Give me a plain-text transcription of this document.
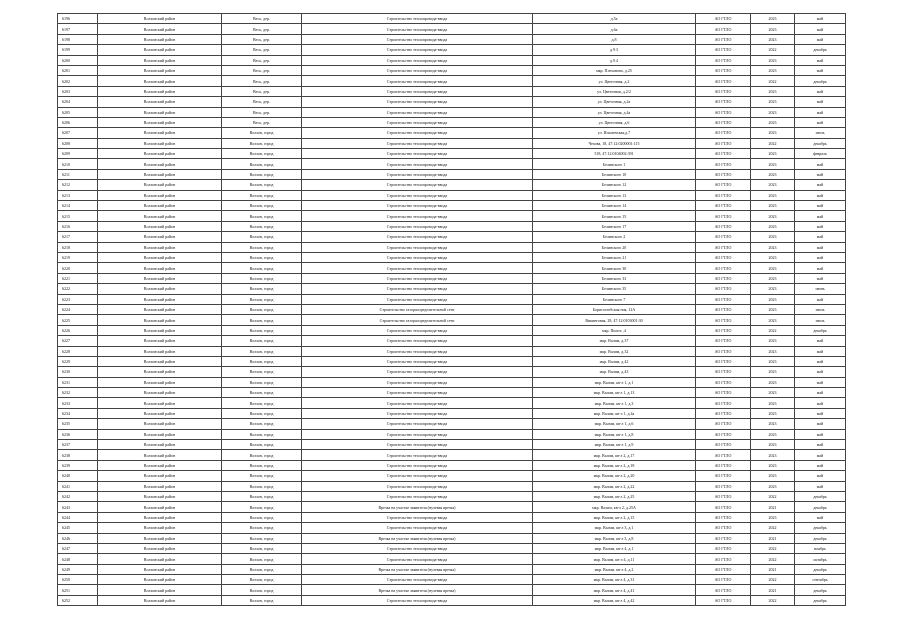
6196	Волховский район	Весь, дер.	Строительство теплопровода-ввода	д.5а	АО ГТЛО	2023	май
6197	Волховский район	Весь, дер.	Строительство теплопровода-ввода	д.6а	АО ГТЛО	2023	май
6198	Волховский район	Весь, дер.	Строительство теплопровода-ввода	д.8	АО ГТЛО	2023	май
6199	Волховский район	Весь, дер.	Строительство теплопровода-ввода	д.9.3	АО ГТЛО	2022	декабрь
6200	Волховский район	Весь, дер.	Строительство теплопровода-ввода	д.9.4	АО ГТЛО	2023	май
6201	Волховский район	Весь, дер.	Строительство теплопровода-ввода	мкр. Плеханово, д.25	АО ГТЛО	2023	май
6202	Волховский район	Весь, дер.	Строительство теплопровода-ввода	ул. Цветочная, д.2	АО ГТЛО	2022	декабрь
6203	Волховский район	Весь, дер.	Строительство теплопровода-ввода	ул. Цветочная, д.2/2	АО ГТЛО	2023	май
6204	Волховский район	Весь, дер.	Строительство теплопровода-ввода	ул. Цветочная, д.2а	АО ГТЛО	2023	май
6205	Волховский район	Весь, дер.	Строительство теплопровода-ввода	ул. Цветочная, д.4а	АО ГТЛО	2023	май
6206	Волховский район	Весь, дер.	Строительство теплопровода-ввода	ул. Цветочная, д.6	АО ГТЛО	2023	май
6207	Волховский район	Волхов, город	Строительство теплопровода-ввода	ул. Ильменская,д.7	АО ГТЛО	2023	июль
6208	Волховский район	Волхов, город	Строительство теплопровода-ввода	Чехова, 18, 47:12:0200001:115	АО ГТЛО	2022	декабрь
6209	Волховский район	Волхов, город	Строительство теплопровода-ввода	518, 47:12:0104002:391	АО ГТЛО	2023	февраль
6210	Волховский район	Волхов, город	Строительство теплопровода-ввода	Белинского 1	АО ГТЛО	2023	май
6211	Волховский район	Волхов, город	Строительство теплопровода-ввода	Белинского 10	АО ГТЛО	2023	май
6212	Волховский район	Волхов, город	Строительство теплопровода-ввода	Белинского 12	АО ГТЛО	2023	май
6213	Волховский район	Волхов, город	Строительство теплопровода-ввода	Белинского 13	АО ГТЛО	2023	май
6214	Волховский район	Волхов, город	Строительство теплопровода-ввода	Белинского 14	АО ГТЛО	2023	май
6215	Волховский район	Волхов, город	Строительство теплопровода-ввода	Белинского 15	АО ГТЛО	2023	май
6216	Волховский район	Волхов, город	Строительство теплопровода-ввода	Белинского 17	АО ГТЛО	2023	май
6217	Волховский район	Волхов, город	Строительство теплопровода-ввода	Белинского 2	АО ГТЛО	2023	май
6218	Волховский район	Волхов, город	Строительство теплопровода-ввода	Белинского 20	АО ГТЛО	2023	май
6219	Волховский район	Волхов, город	Строительство теплопровода-ввода	Белинского 21	АО ГТЛО	2023	май
6220	Волховский район	Волхов, город	Строительство теплопровода-ввода	Белинского 30	АО ГТЛО	2023	май
6221	Волховский район	Волхов, город	Строительство теплопровода-ввода	Белинского 33	АО ГТЛО	2023	май
6222	Волховский район	Волхов, город	Строительство теплопровода-ввода	Белинского 35	АО ГТЛО	2023	июнь
6223	Волховский район	Волхов, город	Строительство теплопровода-ввода	Белинского 7	АО ГТЛО	2023	май
6224	Волховский район	Волхов, город	Строительство газораспределительной сети	Борисоглебская ноя, 12А	АО ГТЛО	2023	июль
6225	Волховский район	Волхов, город	Строительство газораспределительной сети	Викинговая, 28, 47:12:0103001:30	АО ГТЛО	2023	июль
6226	Волховский район	Волхов, город	Строительство теплопровода-ввода	мкр. Пилот, ,4	АО ГТЛО	2022	декабрь
6227	Волховский район	Волхов, город	Строительство теплопровода-ввода	мкр. Валим, д.37	АО ГТЛО	2023	май
6228	Волховский район	Волхов, город	Строительство теплопровода-ввода	мкр. Валим, д.32	АО ГТЛО	2023	май
6229	Волховский район	Волхов, город	Строительство теплопровода-ввода	мкр. Валим, д.42	АО ГТЛО	2023	май
6230	Волховский район	Волхов, город	Строительство теплопровода-ввода	мкр. Валим, д.43	АО ГТЛО	2023	май
6231	Волховский район	Волхов, город	Строительство теплопровода-ввода	мкр. Валим, кв-л 1, д.1	АО ГТЛО	2023	май
6232	Волховский район	Волхов, город	Строительство теплопровода-ввода	мкр. Валим, кв-л 1, д.13	АО ГТЛО	2023	май
6233	Волховский район	Волхов, город	Строительство теплопровода-ввода	мкр. Валим, кв-л 1, д.3	АО ГТЛО	2023	май
6234	Волховский район	Волхов, город	Строительство теплопровода-ввода	мкр. Валим, кв-л 1, д.4а	АО ГТЛО	2023	май
6235	Волховский район	Волхов, город	Строительство теплопровода-ввода	мкр. Валим, кв-л 1, д.6	АО ГТЛО	2023	май
6236	Волховский район	Волхов, город	Строительство теплопровода-ввода	мкр. Валим, кв-л 1, д.8	АО ГТЛО	2023	май
6237	Волховский район	Волхов, город	Строительство теплопровода-ввода	мкр. Валим, кв-л 1, д.9	АО ГТЛО	2023	май
6238	Волховский район	Волхов, город	Строительство теплопровода-ввода	мкр. Валим, кв-л 2, д.17	АО ГТЛО	2023	май
6239	Волховский район	Волхов, город	Строительство теплопровода-ввода	мкр. Валим, кв-л 2, д.18	АО ГТЛО	2023	май
6240	Волховский район	Волхов, город	Строительство теплопровода-ввода	мкр. Валим, кв-л 2, д.20	АО ГТЛО	2023	май
6241	Волховский район	Волхов, город	Строительство теплопровода-ввода	мкр. Валим, кв-л 2, д.22	АО ГТЛО	2023	май
6242	Волховский район	Волхов, город	Строительство теплопровода-ввода	мкр. Валим, кв-л 2, д.25	АО ГТЛО	2022	декабрь
6243	Волховский район	Волхов, город	Врезка на участке заявителя (нулевая врезка)	мкр. Валим, кв-л 2, д.25А	АО ГТЛО	2021	декабрь
6244	Волховский район	Волхов, город	Строительство теплопровода-ввода	мкр. Валим, кв-л 2, д.15	АО ГТЛО	2023	май
6245	Волховский район	Волхов, город	Строительство теплопровода-ввода	мкр. Валим, кв-л 3, д.1	АО ГТЛО	2022	декабрь
6246	Волховский район	Волхов, город	Врезка на участке заявителя (нулевая врезка)	мкр. Валим, кв-л 3, д.8	АО ГТЛО	2021	декабрь
6247	Волховский район	Волхов, город	Строительство теплопровода-ввода	мкр. Валим, кв-л 4, д.1	АО ГТЛО	2022	ноябрь
6248	Волховский район	Волхов, город	Строительство теплопровода-ввода	мкр. Валим, кв-л 4, д.11	АО ГТЛО	2022	октябрь
6249	Волховский район	Волхов, город	Врезка на участке заявителя (нулевая врезка)	мкр. Валим, кв-л 4, д.2	АО ГТЛО	2021	декабрь
6250	Волховский район	Волхов, город	Строительство теплопровода-ввода	мкр. Валим, кв-л 4, д.31	АО ГТЛО	2022	сентябрь
6251	Волховский район	Волхов, город	Врезка на участке заявителя (нулевая врезка)	мкр. Валим, кв-л 4, д.41	АО ГТЛО	2021	декабрь
6252	Волховский район	Волхов, город	Строительство теплопровода-ввода	мкр. Валим, кв-л 4, д.42	АО ГТЛО	2022	декабрь
